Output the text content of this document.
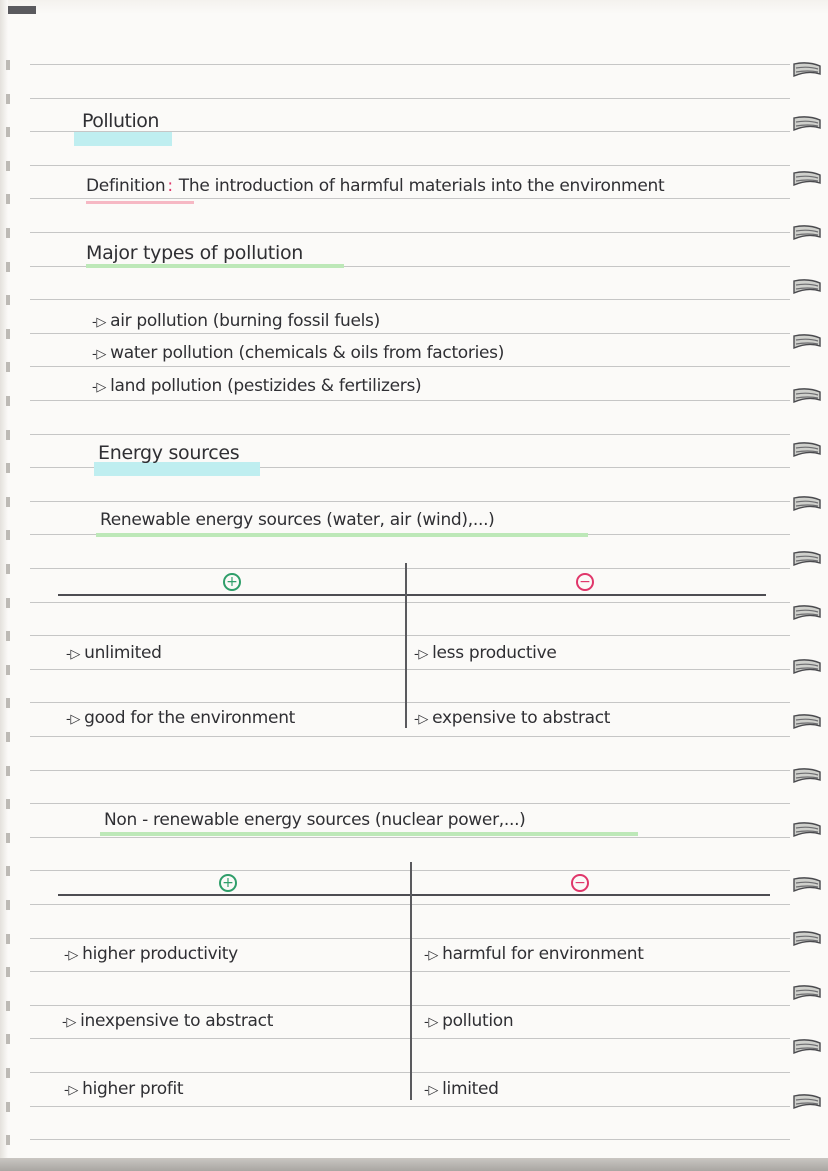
Pollution
Definition : The introduction of harmful materials into the environment
Major types of pollution
-▷ air pollution (burning fossil fuels)
-▷ water pollution (chemicals & oils from factories)
-▷ land pollution (pestizides & fertilizers)
Energy sources
Renewable energy sources (water, air (wind),...)
+	−
-▷ unlimited
-▷ good for the environment
-▷ less productive
-▷ expensive to abstract
Non - renewable energy sources (nuclear power,...)
+	−
-▷ higher productivity
-▷ inexpensive to abstract
-▷ higher profit
-▷ harmful for environment
-▷ pollution
-▷ limited
